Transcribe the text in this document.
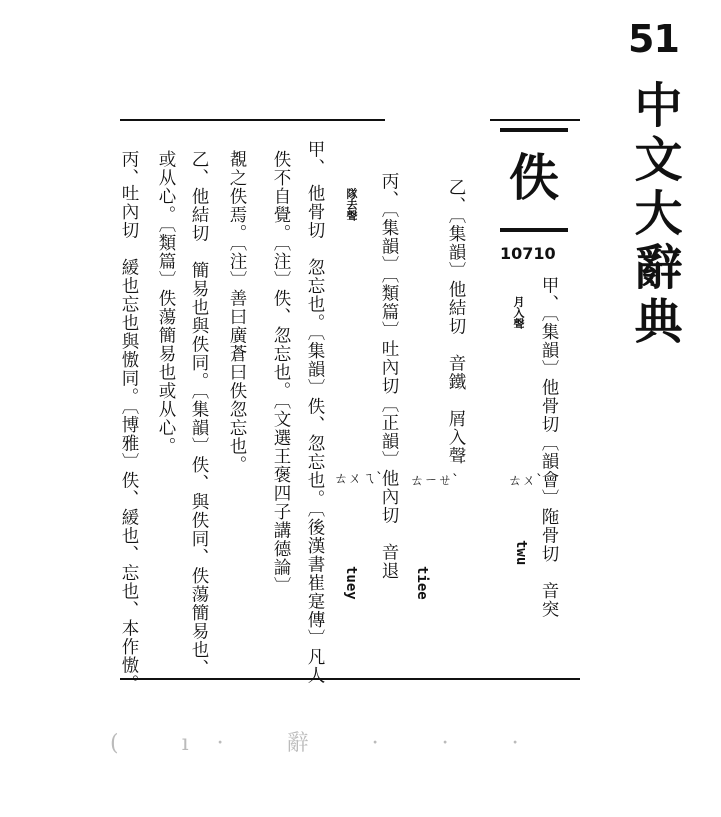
51
中文大辭典
佚
10710
甲、〔集韻〕他骨切〔韻會〕陁骨切　音突
月入聲
ㄊㄨˋ
twu
乙、〔集韻〕他結切　音鐵　屑入聲
ㄊㄧㄝˋ
tiee
丙、〔集韻〕〔類篇〕吐內切〔正韻〕他內切　音退
隊去聲
ㄊㄨㄟˋ
tuey
甲、
他骨切　忽忘也。〔集韻〕佚、忽忘也。〔後漢書崔寔傳〕凡人
佚不自覺。〔注〕佚、忽忘也。〔文選王褒四子講德論〕
覩之佚焉。〔注〕善曰廣蒼曰佚忽忘也。
乙、他結切　簡易也與佚同。〔集韻〕佚、與佚同、佚蕩簡易也、
或从心。〔類篇〕佚蕩簡易也或从心。
丙、
吐內切　緩也忘也與慠同。〔博雅〕佚、緩也、忘也、本作慠。
( ı· 辭 · · ·
